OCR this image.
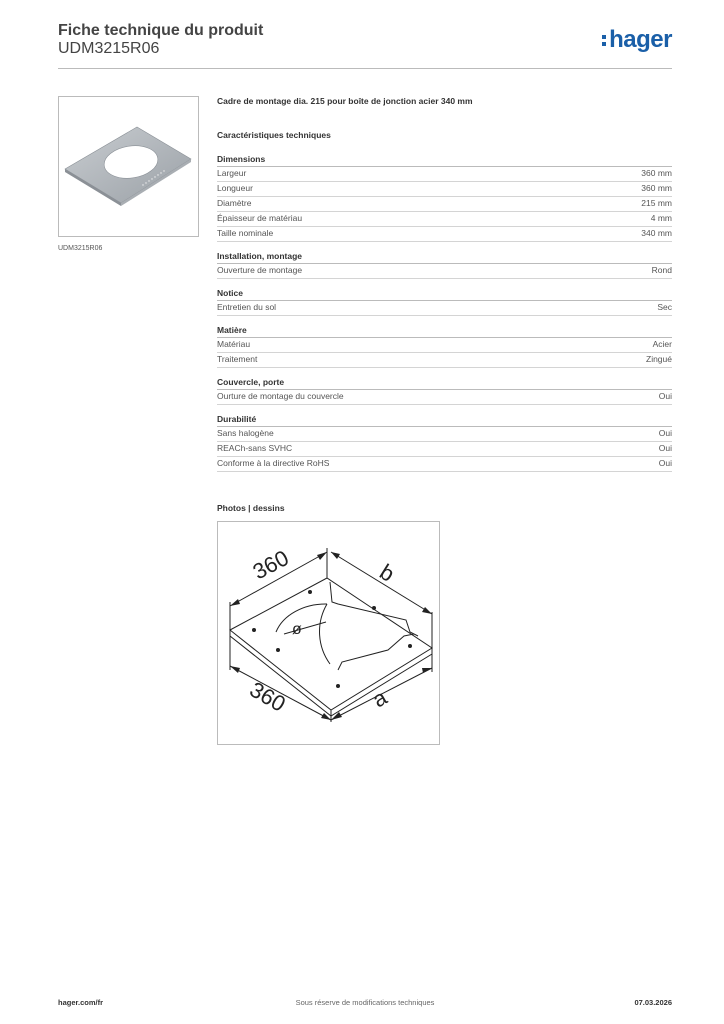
Fiche technique du produit
UDM3215R06	hager
UDM3215R06
Cadre de montage dia. 215 pour boîte de jonction acier 340 mm
Caractéristiques techniques
Dimensions
Largeur	360 mm
Longueur	360 mm
Diamètre	215 mm
Épaisseur de matériau	4 mm
Taille nominale	340 mm
Installation, montage
Ouverture de montage	Rond
Notice
Entretien du sol	Sec
Matière
Matériau	Acier
Traitement	Zingué
Couvercle, porte
Ourture de montage du couvercle	Oui
Durabilité
Sans halogène	Oui
REACh-sans SVHC	Oui
Conforme à la directive RoHS	Oui
Photos | dessins
360	b
360	a
ø
Sous réserve de modifications techniques
hager.com/fr	07.03.2026
